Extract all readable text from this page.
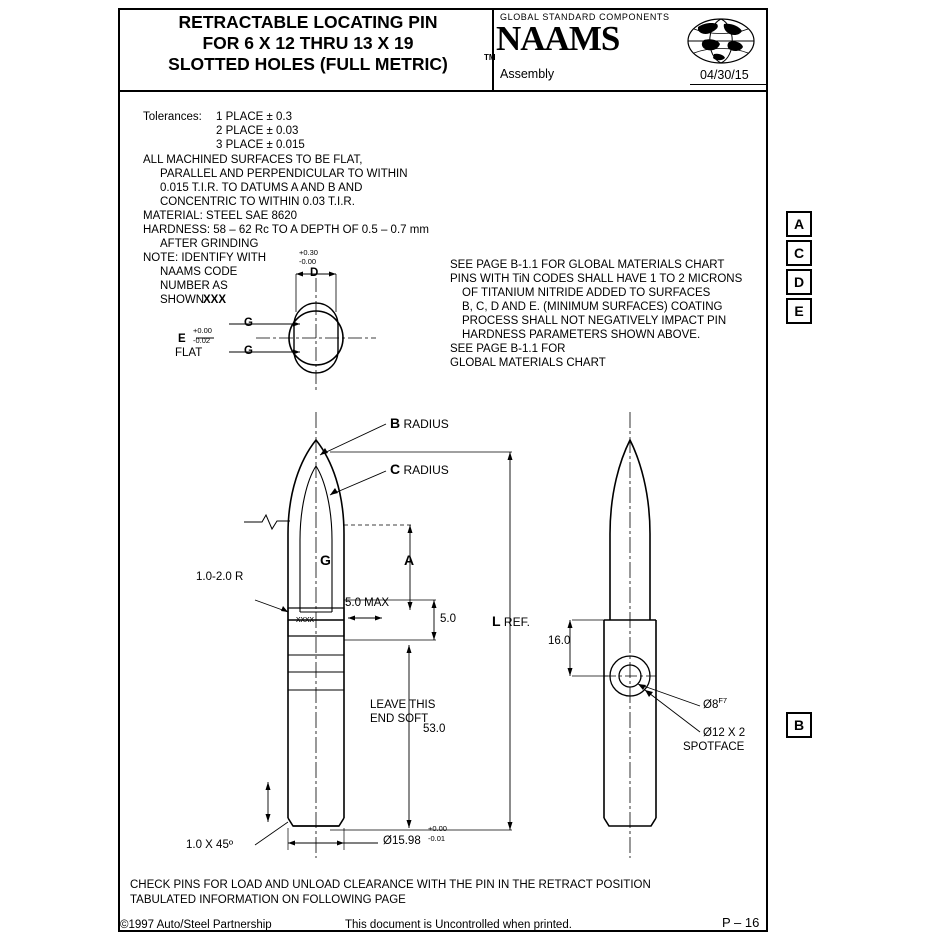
RETRACTABLE LOCATING PIN
FOR 6 X 12 THRU 13 X 19
SLOTTED HOLES (FULL METRIC)	TM
GLOBAL STANDARD COMPONENTS
NAAMS
Assembly	04/30/15
A
C
D
E
B
Tolerances: 1 PLACE ± 0.3
2 PLACE ± 0.03
3 PLACE ± 0.015
ALL MACHINED SURFACES TO BE FLAT,
PARALLEL AND PERPENDICULAR TO WITHIN
0.015 T.I.R. TO DATUMS A AND B AND
CONCENTRIC TO WITHIN 0.03 T.I.R.
MATERIAL: STEEL SAE 8620
HARDNESS: 58 – 62 Rc TO A DEPTH OF 0.5 – 0.7 mm
AFTER GRINDING
NOTE: IDENTIFY WITH
NAAMS CODE
NUMBER AS
SHOWN
XXX
SEE PAGE B-1.1 FOR GLOBAL MATERIALS CHART
PINS WITH TiN CODES SHALL HAVE 1 TO 2 MICRONS
OF TITANIUM NITRIDE ADDED TO SURFACES
B, C, D AND E. (MINIMUM SURFACES) COATING
PROCESS SHALL NOT NEGATIVELY IMPACT PIN
HARDNESS PARAMETERS SHOWN ABOVE.
SEE PAGE B-1.1 FOR
GLOBAL MATERIALS CHART
D
+0.30
-0.00
G
G
E
+0.00
-0.02
FLAT
B RADIUS
C RADIUS
G	A
1.0-2.0 R
xxxx
5.0 MAX
5.0	L REF.
LEAVE THIS
END SOFT
53.0
1.0 X 45º	Ø15.98
+0.00
-0.01
16.0
$Ø8^{F7}$
Ø12 X 2
SPOTFACE
CHECK PINS FOR LOAD AND UNLOAD CLEARANCE WITH THE PIN IN THE RETRACT POSITION
TABULATED INFORMATION ON FOLLOWING PAGE
©1997 Auto/Steel Partnership	This document is Uncontrolled when printed.	P – 16
